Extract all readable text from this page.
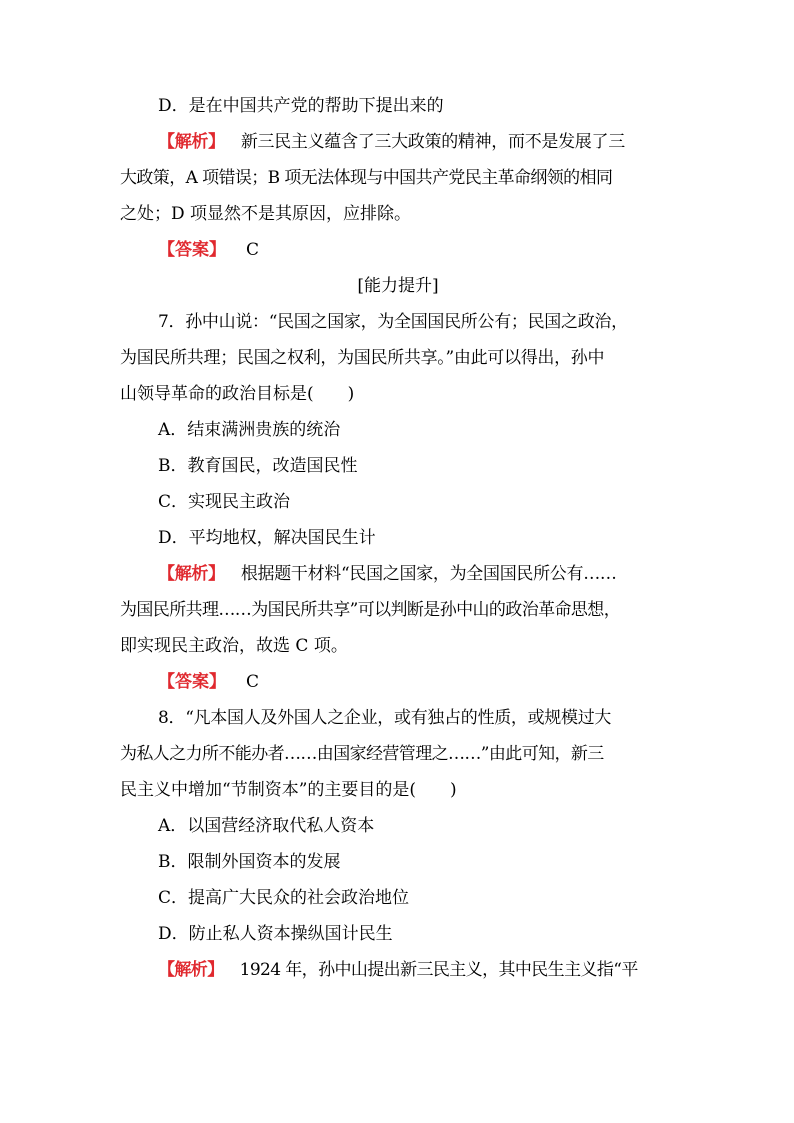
D．是在中国共产党的帮助下提出来的
【解析】 新三民主义蕴含了三大政策的精神，而不是发展了三
大政策，A 项错误；B 项无法体现与中国共产党民主革命纲领的相同
之处；D 项显然不是其原因，应排除。
【答案】 C
[能力提升]
7．孙中山说：“民国之国家，为全国国民所公有；民国之政治，
为国民所共理；民国之权利，为国民所共享。”由此可以得出，孙中
山领导革命的政治目标是(　　)
A．结束满洲贵族的统治
B．教育国民，改造国民性
C．实现民主政治
D．平均地权，解决国民生计
【解析】 根据题干材料“民国之国家，为全国国民所公有……
为国民所共理……为国民所共享”可以判断是孙中山的政治革命思想，
即实现民主政治，故选 C 项。
【答案】 C
8．“凡本国人及外国人之企业，或有独占的性质，或规模过大
为私人之力所不能办者……由国家经营管理之……”由此可知，新三
民主义中增加“节制资本”的主要目的是(　　)
A．以国营经济取代私人资本
B．限制外国资本的发展
C．提高广大民众的社会政治地位
D．防止私人资本操纵国计民生
【解析】 1924 年，孙中山提出新三民主义，其中民生主义指“平
